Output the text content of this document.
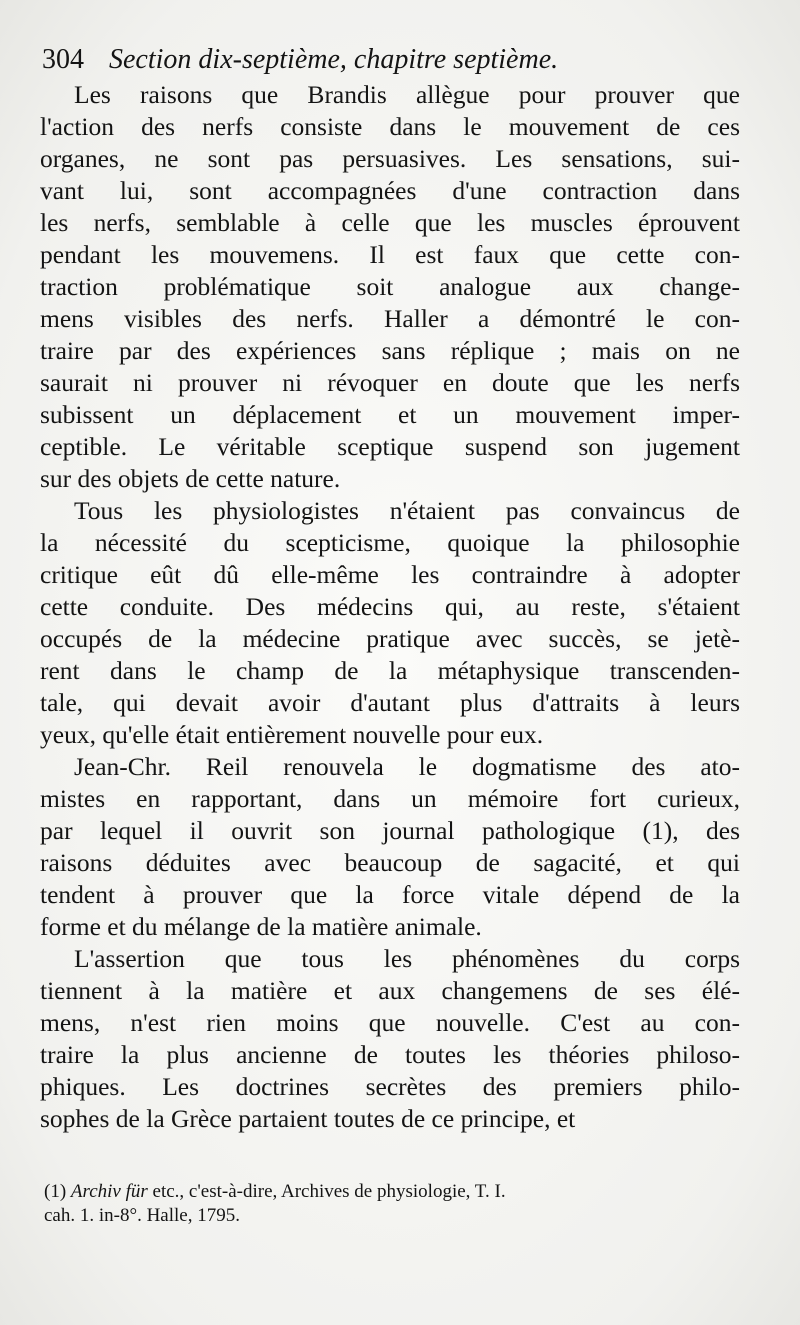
304 Section dix-septième, chapitre septième.
Les raisons que Brandis allègue pour prouver que
l'action des nerfs consiste dans le mouvement de ces
organes, ne sont pas persuasives. Les sensations, sui-
vant lui, sont accompagnées d'une contraction dans
les nerfs, semblable à celle que les muscles éprouvent
pendant les mouvemens. Il est faux que cette con-
traction problématique soit analogue aux change-
mens visibles des nerfs. Haller a démontré le con-
traire par des expériences sans réplique ; mais on ne
saurait ni prouver ni révoquer en doute que les nerfs
subissent un déplacement et un mouvement imper-
ceptible. Le véritable sceptique suspend son jugement
sur des objets de cette nature.
Tous les physiologistes n'étaient pas convaincus de
la nécessité du scepticisme, quoique la philosophie
critique eût dû elle-même les contraindre à adopter
cette conduite. Des médecins qui, au reste, s'étaient
occupés de la médecine pratique avec succès, se jetè-
rent dans le champ de la métaphysique transcenden-
tale, qui devait avoir d'autant plus d'attraits à leurs
yeux, qu'elle était entièrement nouvelle pour eux.
Jean-Chr. Reil renouvela le dogmatisme des ato-
mistes en rapportant, dans un mémoire fort curieux,
par lequel il ouvrit son journal pathologique (1), des
raisons déduites avec beaucoup de sagacité, et qui
tendent à prouver que la force vitale dépend de la
forme et du mélange de la matière animale.
L'assertion que tous les phénomènes du corps
tiennent à la matière et aux changemens de ses élé-
mens, n'est rien moins que nouvelle. C'est au con-
traire la plus ancienne de toutes les théories philoso-
phiques. Les doctrines secrètes des premiers philo-
sophes de la Grèce partaient toutes de ce principe, et
(1) Archiv für etc., c'est-à-dire, Archives de physiologie, T. I.
cah. 1. in-8°. Halle, 1795.
